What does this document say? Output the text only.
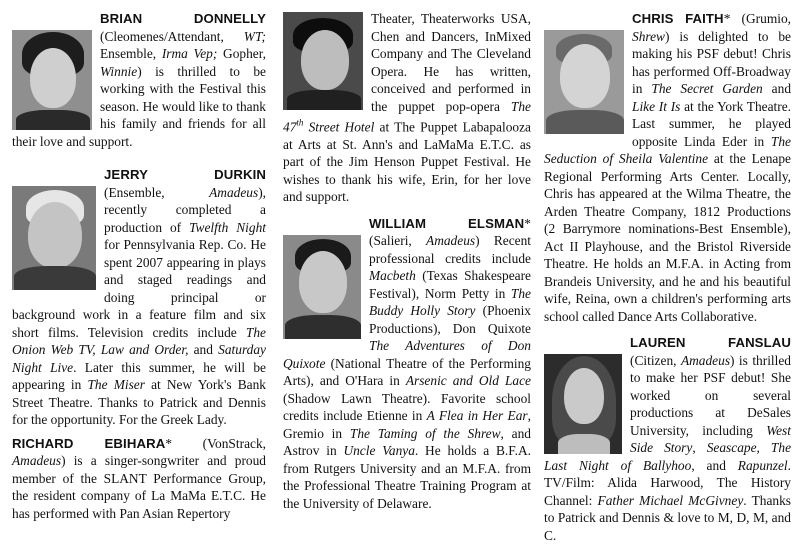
BRIAN DONNELLY (Cleomenes/Attendant, WT; Ensemble, Irma Vep; Gopher, Winnie) is thrilled to be working with the Festival this season. He would like to thank his family and friends for all their love and support.

JERRY DURKIN (Ensemble, Amadeus), recently completed a production of Twelfth Night for Pennsylvania Rep. Co. He spent 2007 appearing in plays and staged readings and doing principal or background work in a feature film and six short films. Television credits include The Onion Web TV, Law and Order, and Saturday Night Live. Later this summer, he will be appearing in The Miser at New York's Bank Street Theatre. Thanks to Patrick and Dennis for the opportunity. For the Greek Lady.

RICHARD EBIHARA* (VonStrack, Amadeus) is a singer-songwriter and proud member of the SLANT Performance Group, the resident company of La MaMa E.T.C. He has performed with Pan Asian Repertory

Theater, Theaterworks USA, Chen and Dancers, InMixed Company and The Cleveland Opera. He has written, conceived and performed in the puppet pop-opera The 47th Street Hotel at The Puppet Labapalooza at Arts at St. Ann's and LaMaMa E.T.C. as part of the Jim Henson Puppet Festival. He wishes to thank his wife, Erin, for her love and support.

WILLIAM ELSMAN* (Salieri, Amadeus) Recent professional credits include Macbeth (Texas Shakespeare Festival), Norm Petty in The Buddy Holly Story (Phoenix Productions), Don Quixote The Adventures of Don Quixote (National Theatre of the Performing Arts), and O'Hara in Arsenic and Old Lace (Shadow Lawn Theatre). Favorite school credits include Etienne in A Flea in Her Ear, Gremio in The Taming of the Shrew, and Astrov in Uncle Vanya. He holds a B.F.A. from Rutgers University and an M.F.A. from the Professional Theatre Training Program at the University of Delaware.

CHRIS FAITH* (Grumio, Shrew) is delighted to be making his PSF debut! Chris has performed Off-Broadway in The Secret Garden and Like It Is at the York Theatre. Last summer, he played opposite Linda Eder in The Seduction of Sheila Valentine at the Lenape Regional Performing Arts Center. Locally, Chris has appeared at the Wilma Theatre, the Arden Theatre Company, 1812 Productions (2 Barrymore nominations-Best Ensemble), Act II Playhouse, and the Bristol Riverside Theatre. He holds an M.F.A. in Acting from Brandeis University, and he and his beautiful wife, Reina, own a children's performing arts school called Dance Arts Collaborative.

LAUREN FANSLAU (Citizen, Amadeus) is thrilled to make her PSF debut! She worked on several productions at DeSales University, including West Side Story, Seascape, The Last Night of Ballyhoo, and Rapunzel. TV/Film: Alida Harwood, The History Channel: Father Michael McGivney. Thanks to Patrick and Dennis & love to M, D, M, and C.
